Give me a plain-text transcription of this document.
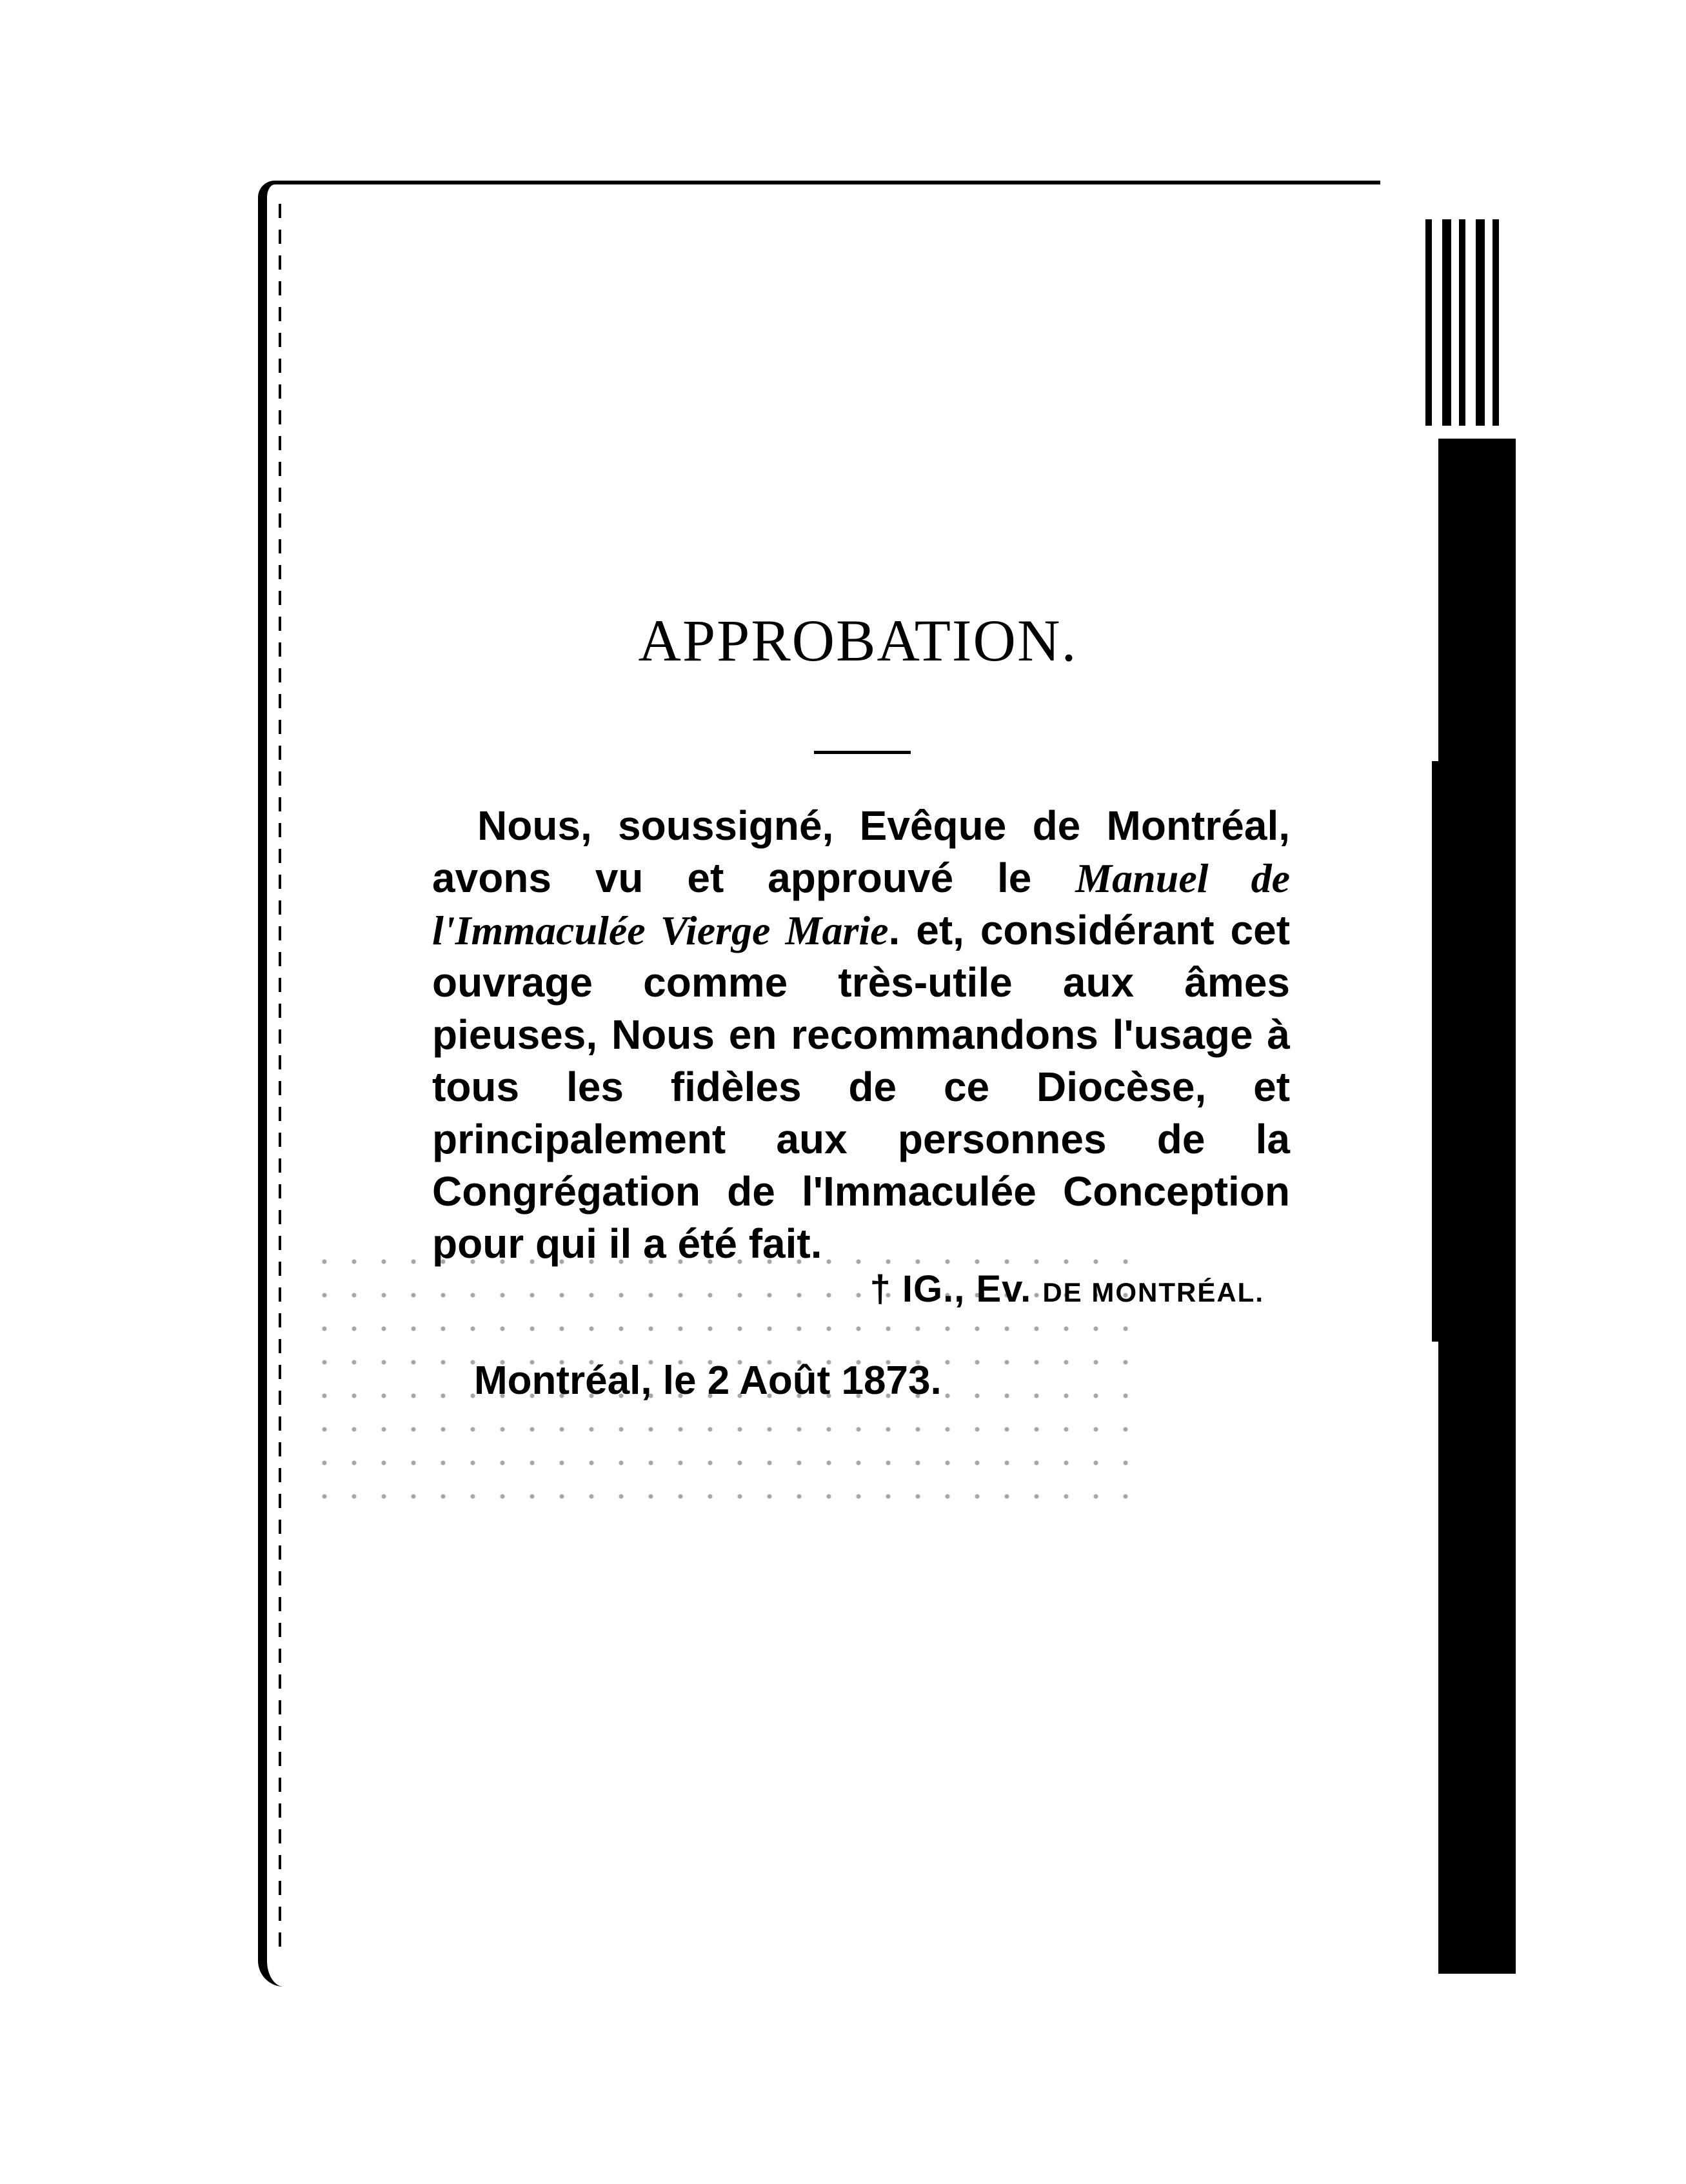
APPROBATION.
Nous, soussigné, Evêque de Montréal, avons vu et approuvé le Manuel de l'Immaculée Vierge Marie. et, considérant cet ouvrage comme très-utile aux âmes pieuses, Nous en recommandons l'usage à tous les fidèles de ce Diocèse, et principalement aux personnes de la Congrégation de l'Immaculée Conception pour qui il a été fait.
† IG., Ev. DE MONTRÉAL.
Montréal, le 2 Août 1873.
